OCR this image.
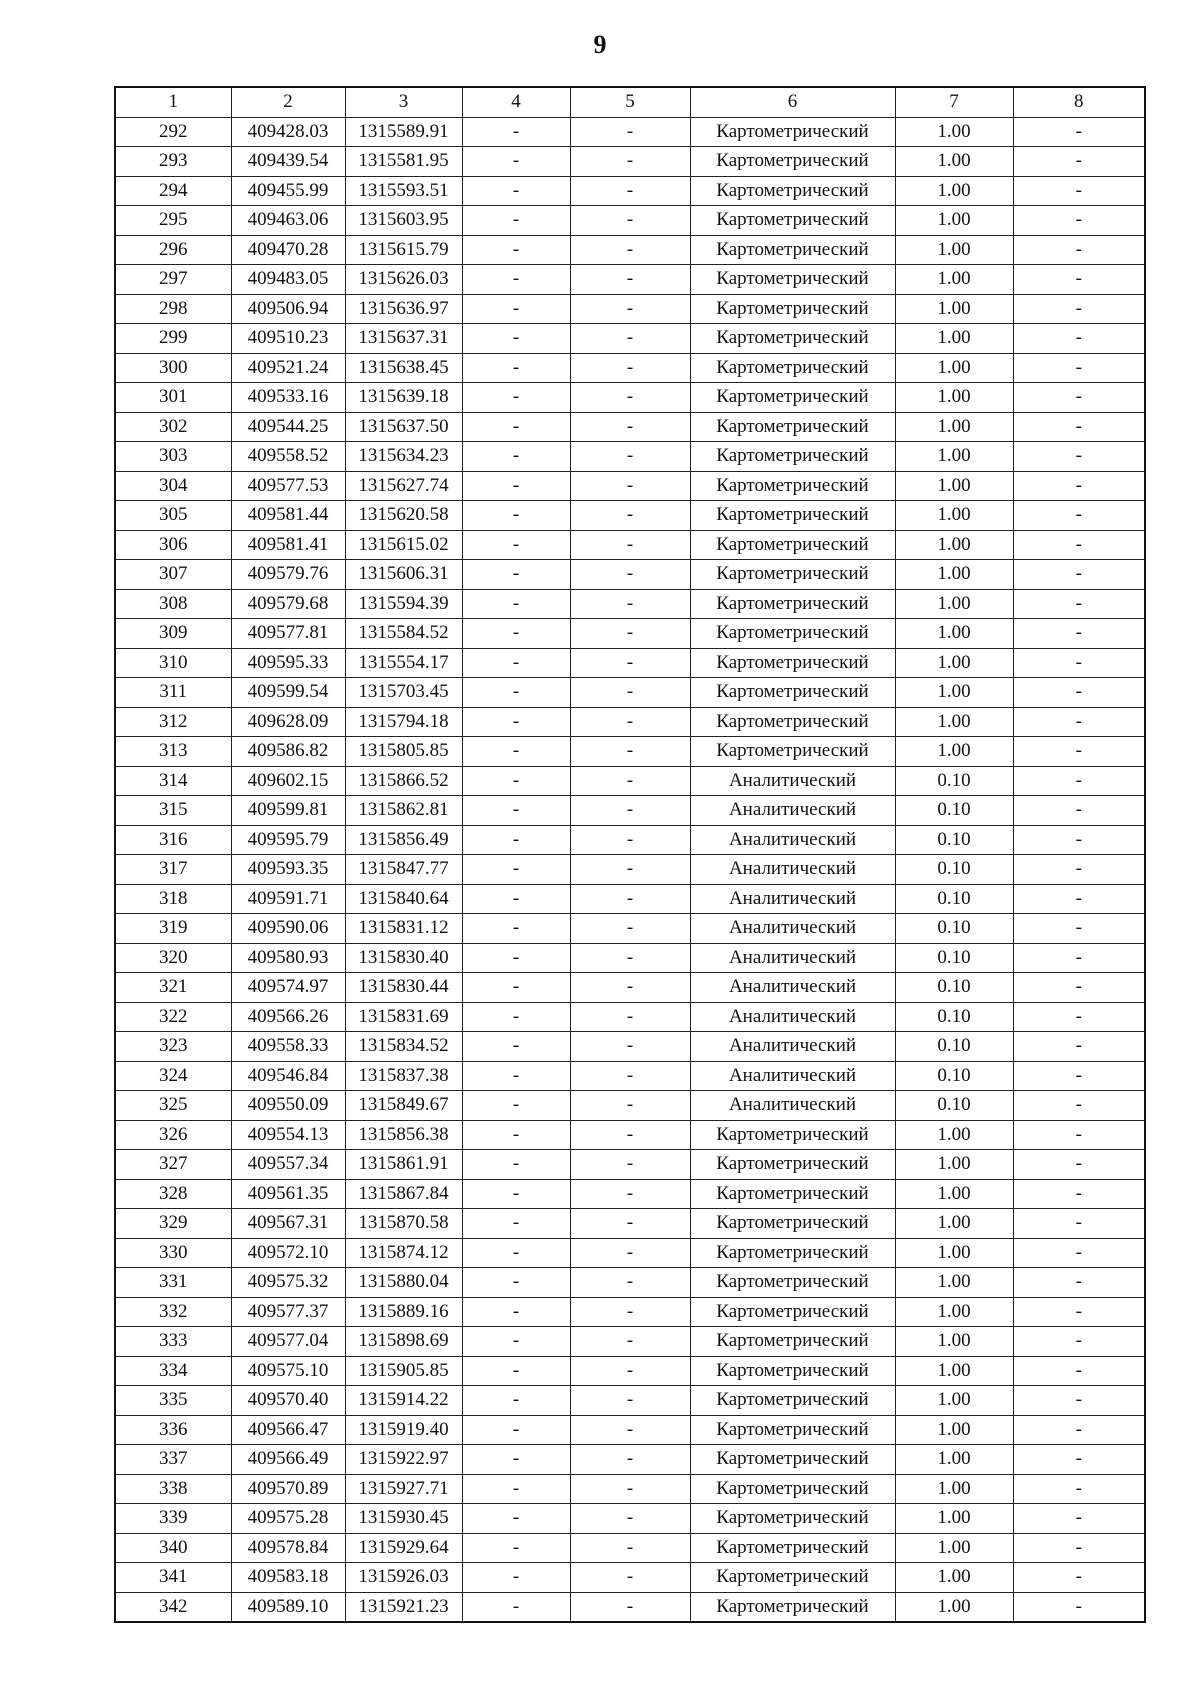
9
1	2	3	4	5	6	7	8
292	409428.03	1315589.91	-	-	Картометрический	1.00	-
293	409439.54	1315581.95	-	-	Картометрический	1.00	-
294	409455.99	1315593.51	-	-	Картометрический	1.00	-
295	409463.06	1315603.95	-	-	Картометрический	1.00	-
296	409470.28	1315615.79	-	-	Картометрический	1.00	-
297	409483.05	1315626.03	-	-	Картометрический	1.00	-
298	409506.94	1315636.97	-	-	Картометрический	1.00	-
299	409510.23	1315637.31	-	-	Картометрический	1.00	-
300	409521.24	1315638.45	-	-	Картометрический	1.00	-
301	409533.16	1315639.18	-	-	Картометрический	1.00	-
302	409544.25	1315637.50	-	-	Картометрический	1.00	-
303	409558.52	1315634.23	-	-	Картометрический	1.00	-
304	409577.53	1315627.74	-	-	Картометрический	1.00	-
305	409581.44	1315620.58	-	-	Картометрический	1.00	-
306	409581.41	1315615.02	-	-	Картометрический	1.00	-
307	409579.76	1315606.31	-	-	Картометрический	1.00	-
308	409579.68	1315594.39	-	-	Картометрический	1.00	-
309	409577.81	1315584.52	-	-	Картометрический	1.00	-
310	409595.33	1315554.17	-	-	Картометрический	1.00	-
311	409599.54	1315703.45	-	-	Картометрический	1.00	-
312	409628.09	1315794.18	-	-	Картометрический	1.00	-
313	409586.82	1315805.85	-	-	Картометрический	1.00	-
314	409602.15	1315866.52	-	-	Аналитический	0.10	-
315	409599.81	1315862.81	-	-	Аналитический	0.10	-
316	409595.79	1315856.49	-	-	Аналитический	0.10	-
317	409593.35	1315847.77	-	-	Аналитический	0.10	-
318	409591.71	1315840.64	-	-	Аналитический	0.10	-
319	409590.06	1315831.12	-	-	Аналитический	0.10	-
320	409580.93	1315830.40	-	-	Аналитический	0.10	-
321	409574.97	1315830.44	-	-	Аналитический	0.10	-
322	409566.26	1315831.69	-	-	Аналитический	0.10	-
323	409558.33	1315834.52	-	-	Аналитический	0.10	-
324	409546.84	1315837.38	-	-	Аналитический	0.10	-
325	409550.09	1315849.67	-	-	Аналитический	0.10	-
326	409554.13	1315856.38	-	-	Картометрический	1.00	-
327	409557.34	1315861.91	-	-	Картометрический	1.00	-
328	409561.35	1315867.84	-	-	Картометрический	1.00	-
329	409567.31	1315870.58	-	-	Картометрический	1.00	-
330	409572.10	1315874.12	-	-	Картометрический	1.00	-
331	409575.32	1315880.04	-	-	Картометрический	1.00	-
332	409577.37	1315889.16	-	-	Картометрический	1.00	-
333	409577.04	1315898.69	-	-	Картометрический	1.00	-
334	409575.10	1315905.85	-	-	Картометрический	1.00	-
335	409570.40	1315914.22	-	-	Картометрический	1.00	-
336	409566.47	1315919.40	-	-	Картометрический	1.00	-
337	409566.49	1315922.97	-	-	Картометрический	1.00	-
338	409570.89	1315927.71	-	-	Картометрический	1.00	-
339	409575.28	1315930.45	-	-	Картометрический	1.00	-
340	409578.84	1315929.64	-	-	Картометрический	1.00	-
341	409583.18	1315926.03	-	-	Картометрический	1.00	-
342	409589.10	1315921.23	-	-	Картометрический	1.00	-
